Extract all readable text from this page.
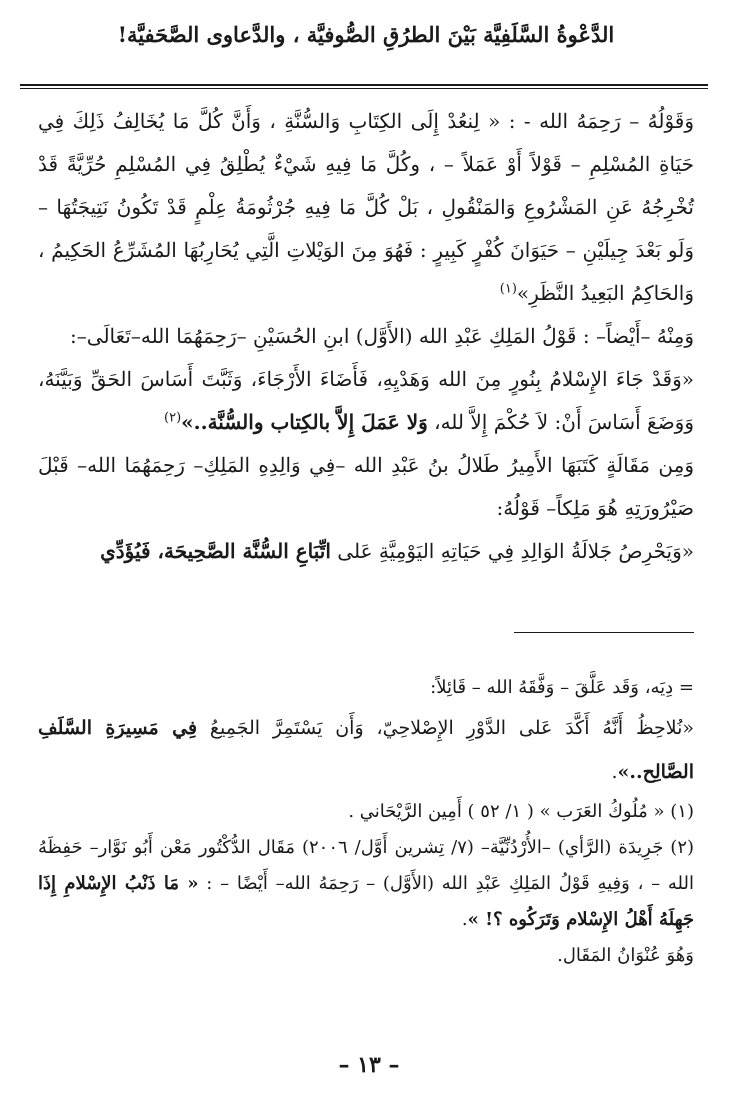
الدَّعْوةُ السَّلَفِيَّة بَيْنَ الطرُقِ الصُّوفيَّة ، والدَّعاوى الصَّحَفيَّة!

وَقَوْلُهُ – رَحِمَهُ الله - : « لِنعُدْ إِلَى الكِتَابِ وَالسُّنَّةِ ، وَأَنَّ كُلَّ مَا يُخَالِفُ ذَلِكَ فِي حَيَاةِ المُسْلِمِ – قَوْلاً أَوْ عَمَلاً – ، وكُلَّ مَا فِيهِ شَيْءٌ يُطْلِقُ فِي المُسْلِمِ حُرِّيَّةً قَدْ تُخْرِجُهُ عَنِ المَشْرُوعِ وَالمَنْقُولِ ، بَلْ كُلَّ مَا فِيهِ جُرْثُومَةُ عِلْمٍ قَدْ تَكُونُ نَتِيجَتُهَا – وَلَو بَعْدَ جِيلَيْنِ – حَيَوَانَ كُفْرٍ كَبِيرٍ : فَهُوَ مِنَ الوَيْلاتِ الَّتِي يُحَارِبُهَا المُشَرِّعُ الحَكِيمُ ، وَالحَاكِمُ البَعِيدُ النَّظَرِ»$^{(١)}$

وَمِنْهُ –أَيْضاً– : قَوْلُ المَلِكِ عَبْدِ الله (الأَوَّل) ابنِ الحُسَيْنِ –رَحِمَهُمَا الله–تَعَالَى–:

«وَقَدْ جَاءَ الإِسْلامُ بِنُورٍ مِنَ الله وَهَدْيِهِ، فَأَضَاءَ الأَرْجَاءَ، وَثَبَّتَ أَسَاسَ الحَقِّ وَبَيَّنَهُ، وَوَضَعَ أَسَاسَ أَنْ: لاَ حُكْمَ إِلاَّ لله، وَلا عَمَلَ إِلاَّ بالكِتاب والسُّنَّة..»$^{(٢)}$

وَمِن مَقَالَةٍ كَتَبَهَا الأَمِيرُ طَلالُ بنُ عَبْدِ الله –فِي وَالِدِهِ المَلِكِ– رَحِمَهُمَا الله– قَبْلَ صَيْرُورَتِهِ هُوَ مَلِكاً– قَوْلُهُ:

«وَيَحْرِصُ جَلالَةُ الوَالِدِ فِي حَيَاتِهِ اليَوْمِيَّةِ عَلى اتِّبَاعِ السُّنَّة الصَّحِيحَة، فَيُؤَدِّي

= دِيَه، وَقَد عَلَّقَ – وَفَّقَهُ الله – قَائِلاً:

«نُلاحِظُ أَنَّهُ أَكَّدَ عَلى الدَّوْرِ الإِصْلاحِيّ، وَأَن يَسْتَمِرَّ الجَمِيعُ فِي مَسِيرَةِ السَّلَفِ الصَّالِح..».

(١) « مُلُوكُ العَرَب » ( ١/ ٥٢ ) أَمِين الرَّيْحَاني .

(٢) جَرِيدَة (الرَّأي) –الأُرْدُنِّيَّة– (٧/ تِشرين أَوَّل/ ٢٠٠٦) مَقَال الدُّكْتُور مَعْن أَبُو نَوَّار– حَفِظَهُ الله – ، وَفِيهِ قَوْلُ المَلِكِ عَبْدِ الله (الأَوَّل) – رَحِمَهُ الله– أَيْضًا – : « مَا ذَنْبُ الإِسْلامِ إِذَا جَهِلَهُ أَهْلُ الإِسْلام وَتَرَكُوه ؟! ».

وَهُوَ عُنْوَانُ المَقَال.

– ١٣ –
